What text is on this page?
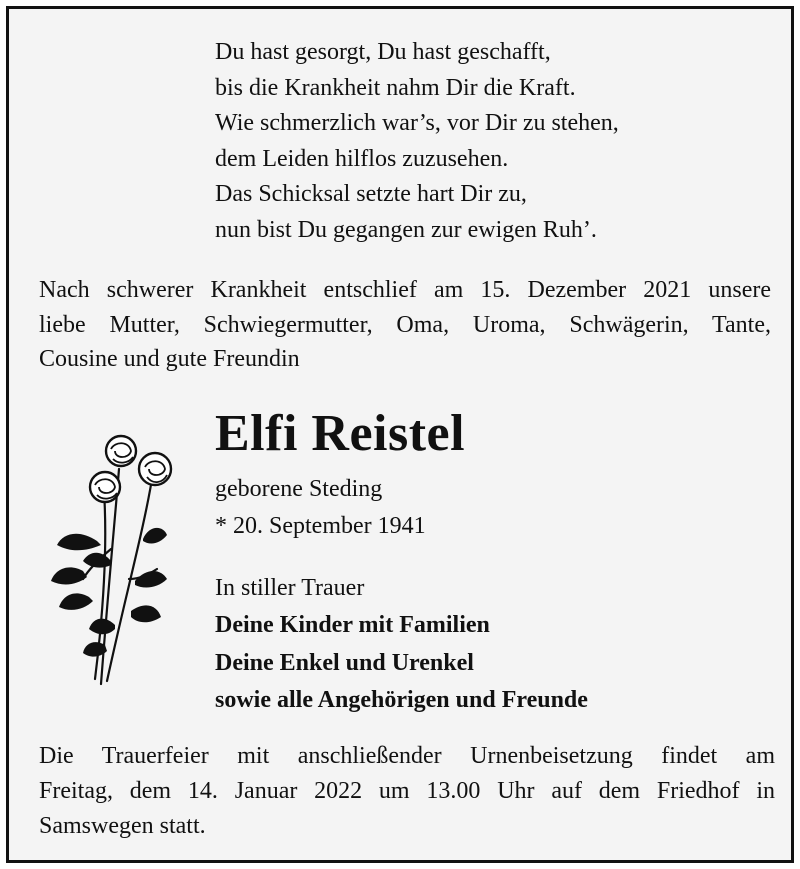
Du hast gesorgt, Du hast geschafft,
bis die Krankheit nahm Dir die Kraft.
Wie schmerzlich war’s, vor Dir zu stehen,
dem Leiden hilflos zuzusehen.
Das Schicksal setzte hart Dir zu,
nun bist Du gegangen zur ewigen Ruh’.
Nach schwerer Krankheit entschlief am 15. Dezember 2021 unsere
liebe Mutter, Schwiegermutter, Oma, Uroma, Schwägerin, Tante,
Cousine und gute Freundin
Elfi Reistel
geborene Steding
* 20. September 1941
In stiller Trauer
Deine Kinder mit Familien
Deine Enkel und Urenkel
sowie alle Angehörigen und Freunde
Die Trauerfeier mit anschließender Urnenbeisetzung findet am
Freitag, dem 14. Januar 2022 um 13.00 Uhr auf dem Friedhof in
Samswegen statt.
